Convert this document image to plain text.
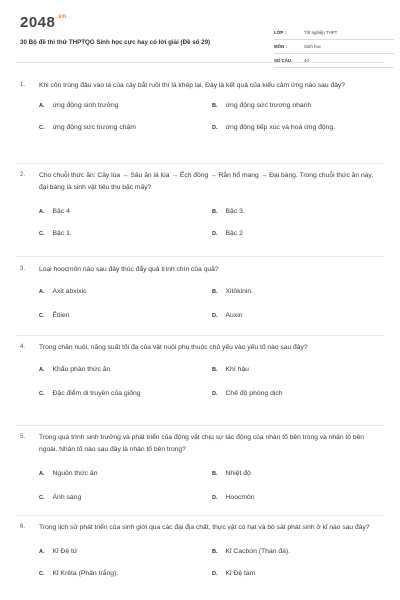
$2048^{.vn}$
30 Bộ đề thi thử THPTQG Sinh học cực hay có lời giải (Đề số 29)
LỚP :	Tốt nghiệp THPT
MÔN :	Sinh học
SỐ CÂU : 40
1. Khi côn trùng đậu vào lá của cây bắt ruồi thì lá khép lại. Đây là kết quả của kiểu cảm ứng nào sau đây?
A. ứng động sinh trưởng	B. ứng động sức trương nhanh
C. ứng động sức trương chậm	D. ứng động tiếp xúc và hoá ứng động.
2. Cho chuỗi thức ăn: Cây lúa → Sâu ăn lá lúa → Ếch đồng → Rắn hổ mang → Đại bàng. Trong chuỗi thức ăn này, đại bàng là sinh vật tiêu thụ bậc mấy?
A. Bậc 4	B. Bậc 3.
C. Bậc 1.	D. Bậc 2
3. Loại hoocmôn nào sau đây thúc đẩy quả trình chín của quả?
A. Axit abxixic	B. Xitôkinin.
C. Êtilen	D. Auxin
4. Trong chăn nuôi, năng suất tối đa của vật nuôi phụ thuộc chủ yếu vào yếu tố nào sau đây?
A. Khẩu phần thức ăn	B. Khí hậu
C. Đặc điểm di truyền của giống	D. Chế độ phòng dịch
5. Trong quá trình sinh trưởng và phát triển của động vật chịu sự tác động của nhân tố bên trong và nhân tố bên ngoài. Nhân tố nào sau đây là nhân tố bên trong?
A. Nguồn thức ăn	B. Nhiệt độ
C. Ánh sáng	D. Hoocmôn
6. Trong lịch sử phát triển của sinh giới qua các đại địa chất, thực vật có hạt và bò sát phát sinh ở kỉ nào sau đây?
A. Kỉ Đệ tứ	B. Kỉ Cacbon (Than đá).
C. Kỉ Krêta (Phấn trắng).	D. Kỉ Đệ tam
